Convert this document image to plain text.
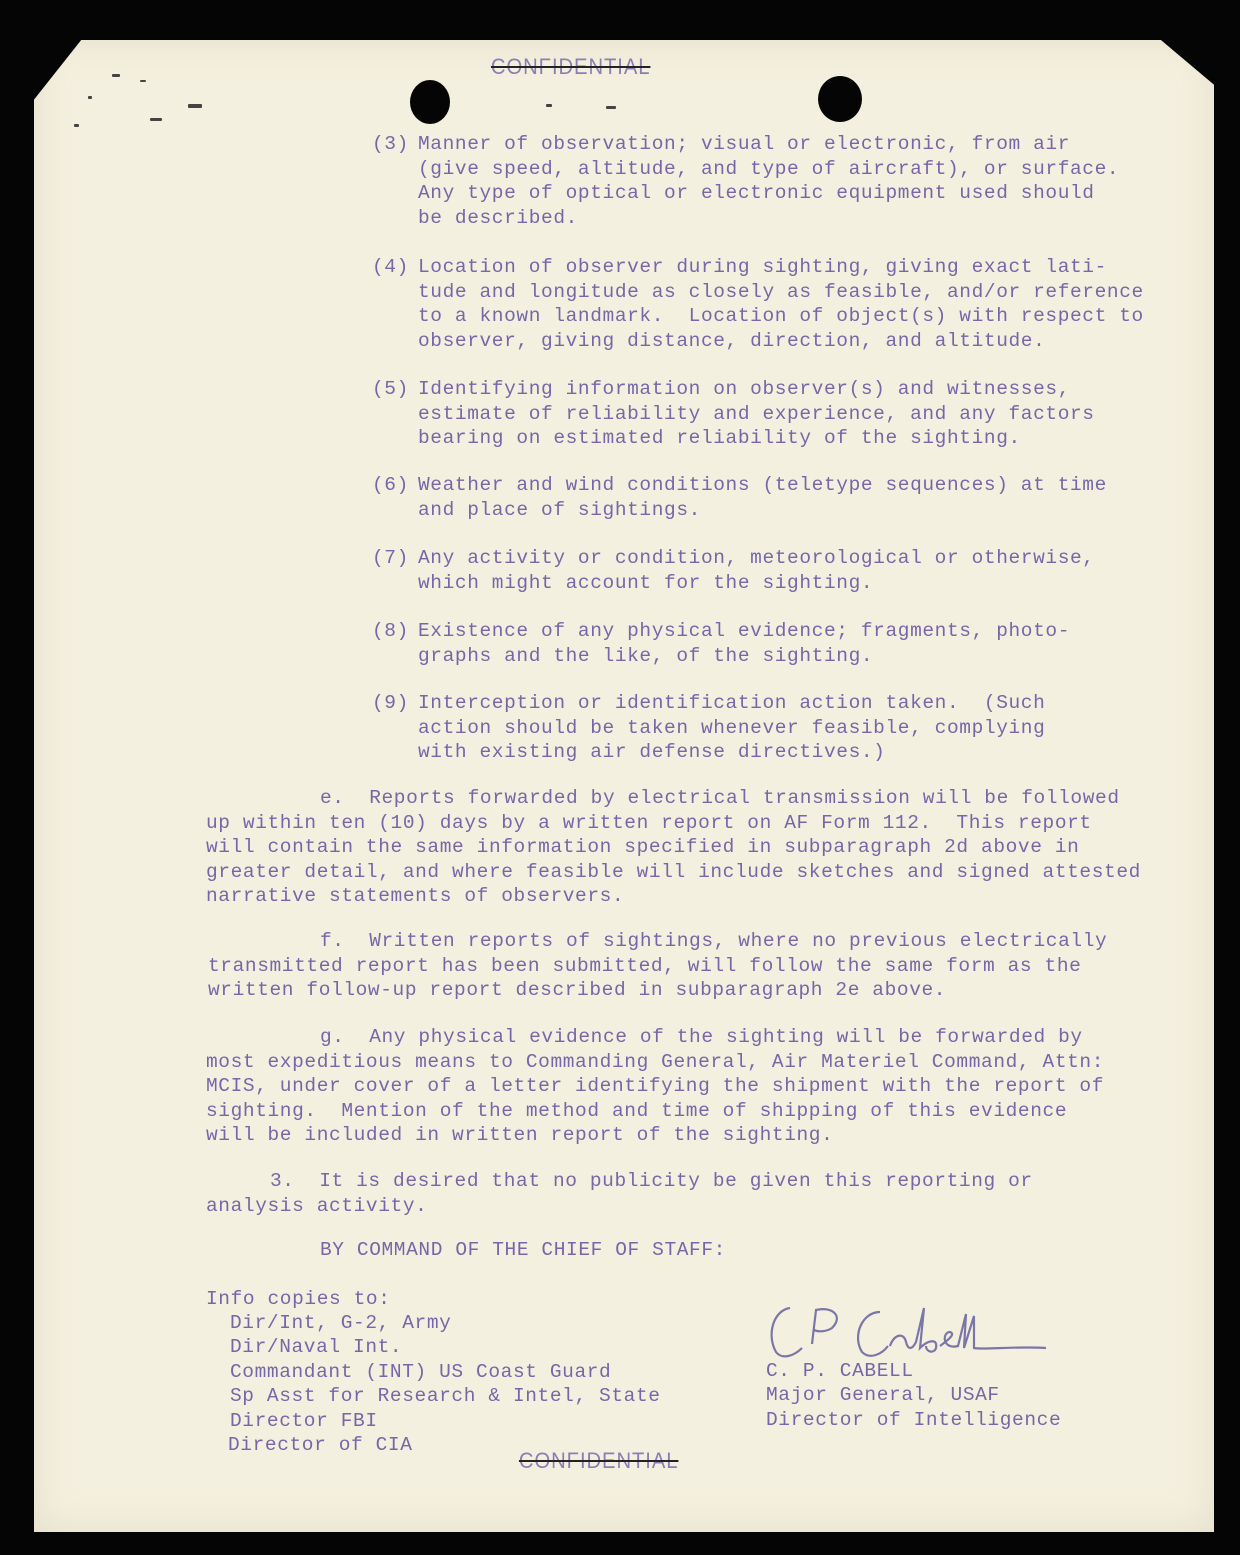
CONFIDENTIAL
(3) Manner of observation; visual or electronic, from air
(give speed, altitude, and type of aircraft), or surface.
Any type of optical or electronic equipment used should
be described.
(4) Location of observer during sighting, giving exact lati-
tude and longitude as closely as feasible, and/or reference
to a known landmark.  Location of object(s) with respect to
observer, giving distance, direction, and altitude.
(5) Identifying information on observer(s) and witnesses,
estimate of reliability and experience, and any factors
bearing on estimated reliability of the sighting.
(6) Weather and wind conditions (teletype sequences) at time
and place of sightings.
(7) Any activity or condition, meteorological or otherwise,
which might account for the sighting.
(8) Existence of any physical evidence; fragments, photo-
graphs and the like, of the sighting.
(9) Interception or identification action taken.  (Such
action should be taken whenever feasible, complying
with existing air defense directives.)
e.  Reports forwarded by electrical transmission will be followed
up within ten (10) days by a written report on AF Form 112.  This report
will contain the same information specified in subparagraph 2d above in
greater detail, and where feasible will include sketches and signed attested
narrative statements of observers.
f.  Written reports of sightings, where no previous electrically
transmitted report has been submitted, will follow the same form as the
written follow-up report described in subparagraph 2e above.
g.  Any physical evidence of the sighting will be forwarded by
most expeditious means to Commanding General, Air Materiel Command, Attn:
MCIS, under cover of a letter identifying the shipment with the report of
sighting.  Mention of the method and time of shipping of this evidence
will be included in written report of the sighting.
3.  It is desired that no publicity be given this reporting or
analysis activity.
BY COMMAND OF THE CHIEF OF STAFF:
Info copies to:
Dir/Int, G-2, Army
Dir/Naval Int.
Commandant (INT) US Coast Guard
Sp Asst for Research & Intel, State
Director FBI
Director of CIA
C. P. CABELL
Major General, USAF
Director of Intelligence
CONFIDENTIAL
